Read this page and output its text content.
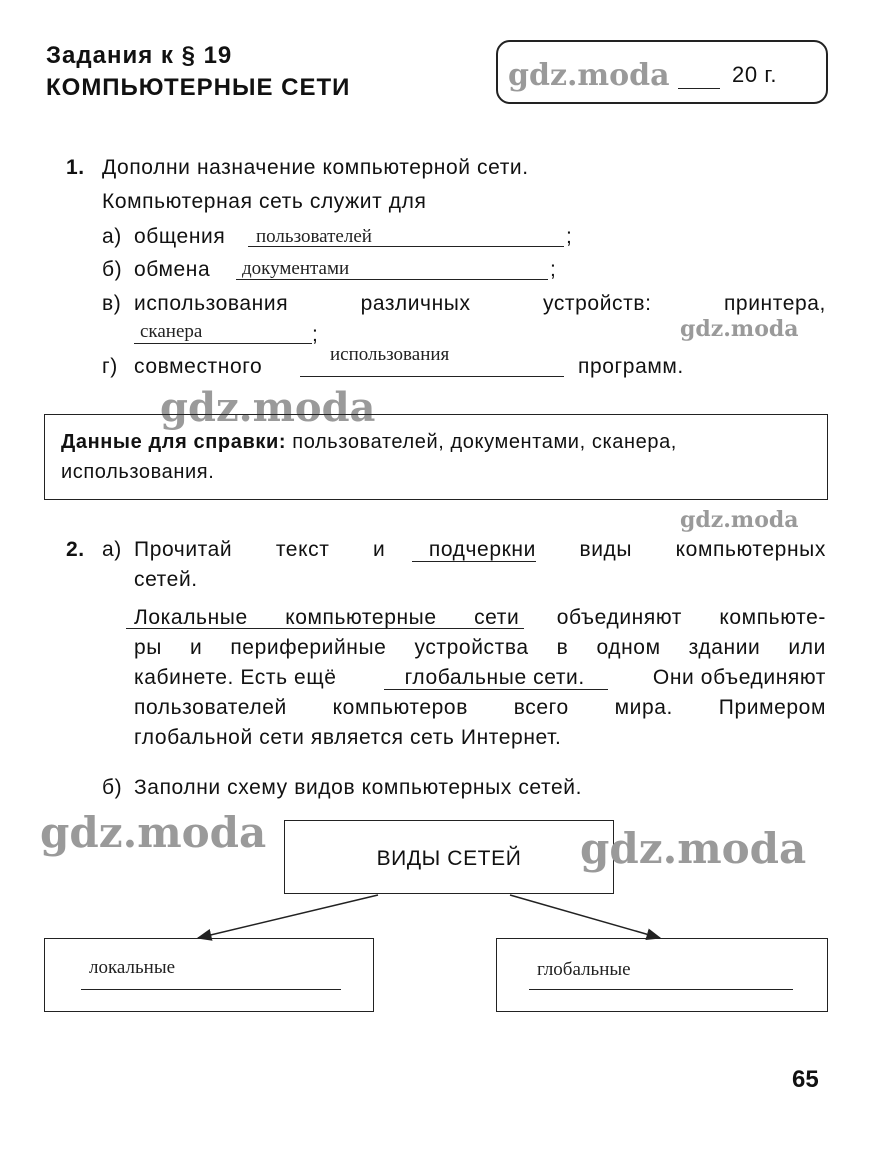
Задания к § 19
КОМПЬЮТЕРНЫЕ СЕТИ	gdz.moda	20 г.
1. Дополни назначение компьютерной сети.
Компьютерная сеть служит для
а) общения пользователей	;
б) обмена документами	;
в) использования	различных	устройств:	принтера,
сканера	;	gdz.moda
г) совместного
использования
программ.
gdz.moda
Данные для справки: пользователей, документами, сканера,
использования.
gdz.moda
2. а) Прочитай текст и подчеркни виды компьютерных
сетей.
Локальные компьютерные сети объединяют компьюте-
ры и периферийные устройства в одном здании или
кабинете. Есть ещё	глобальные сети.	Они объединяют
пользователей компьютеров всего мира. Примером
глобальной сети является сеть Интернет.
б) Заполни схему видов компьютерных сетей.
gdz.moda
ВИДЫ СЕТЕЙ	gdz.moda
локальные	глобальные
65
